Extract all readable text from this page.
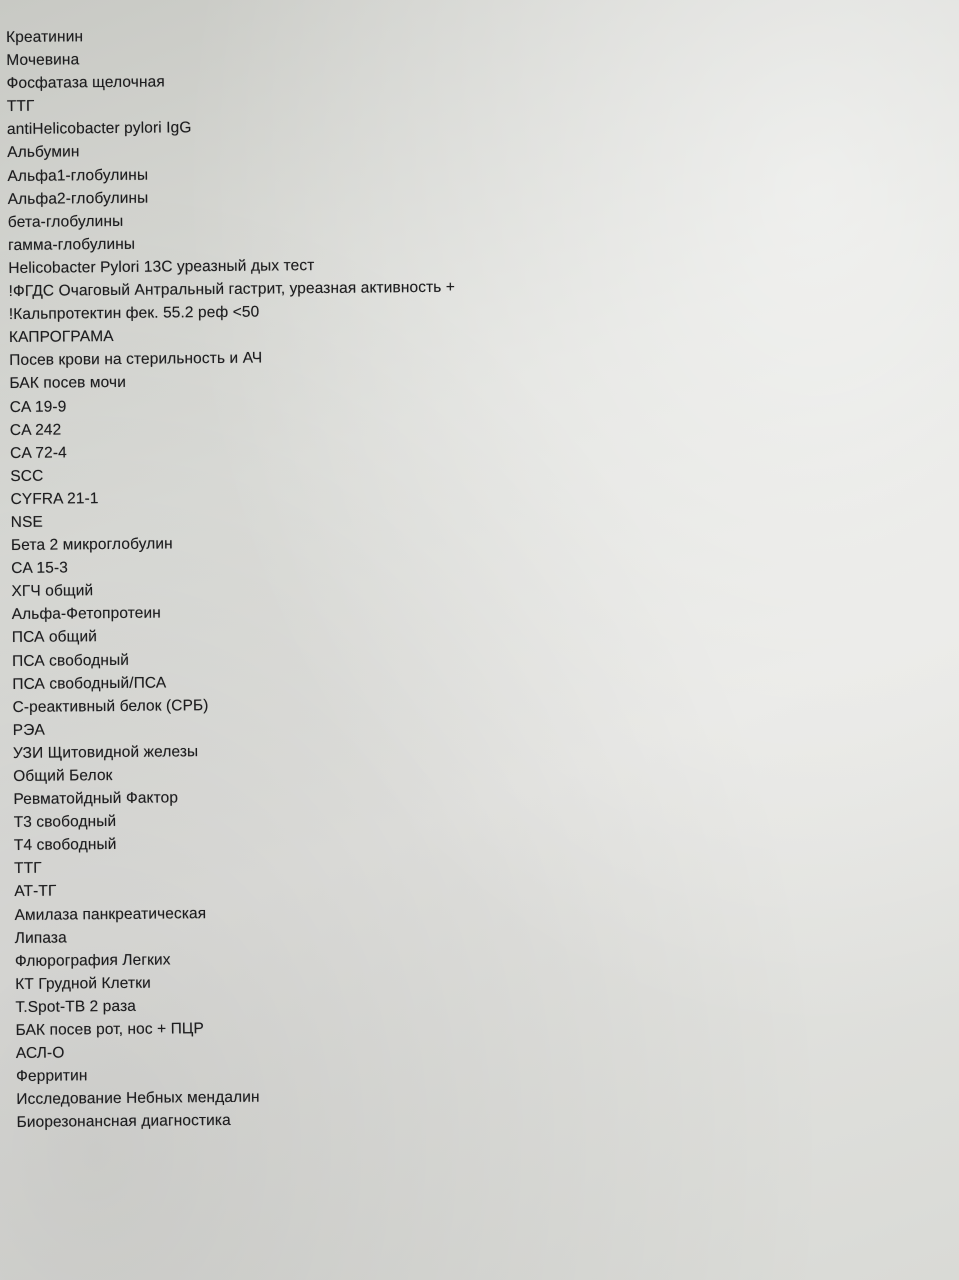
Креатинин
Мочевина
Фосфатаза щелочная
ТТГ
antiHelicobacter pylori IgG
Альбумин
Альфа1-глобулины
Альфа2-глобулины
бета-глобулины
гамма-глобулины
Helicobacter Pylori 13C уреазный дых тест
!ФГДС Очаговый Антральный гастрит, уреазная активность +
!Кальпротектин фек. 55.2 реф <50
КАПРОГРАМА
Посев крови на стерильность и АЧ
БАК посев мочи
CA 19-9
CA 242
CA 72-4
SCC
CYFRA 21-1
NSE
Бета 2 микроглобулин
CA 15-3
ХГЧ общий
Альфа-Фетопротеин
ПСА общий
ПСА свободный
ПСА свободный/ПСА
С-реактивный белок (СРБ)
РЭА
УЗИ Щитовидной железы
Общий Белок
Ревматойдный Фактор
Т3 свободный
Т4 свободный
ТТГ
АТ-ТГ
Амилаза панкреатическая
Липаза
Флюрография Легких
КТ Грудной Клетки
T.Spot-TB 2 раза
БАК посев рот, нос + ПЦР
АСЛ-О
Ферритин
Исследование Небных мендалин
Биорезонансная диагностика
